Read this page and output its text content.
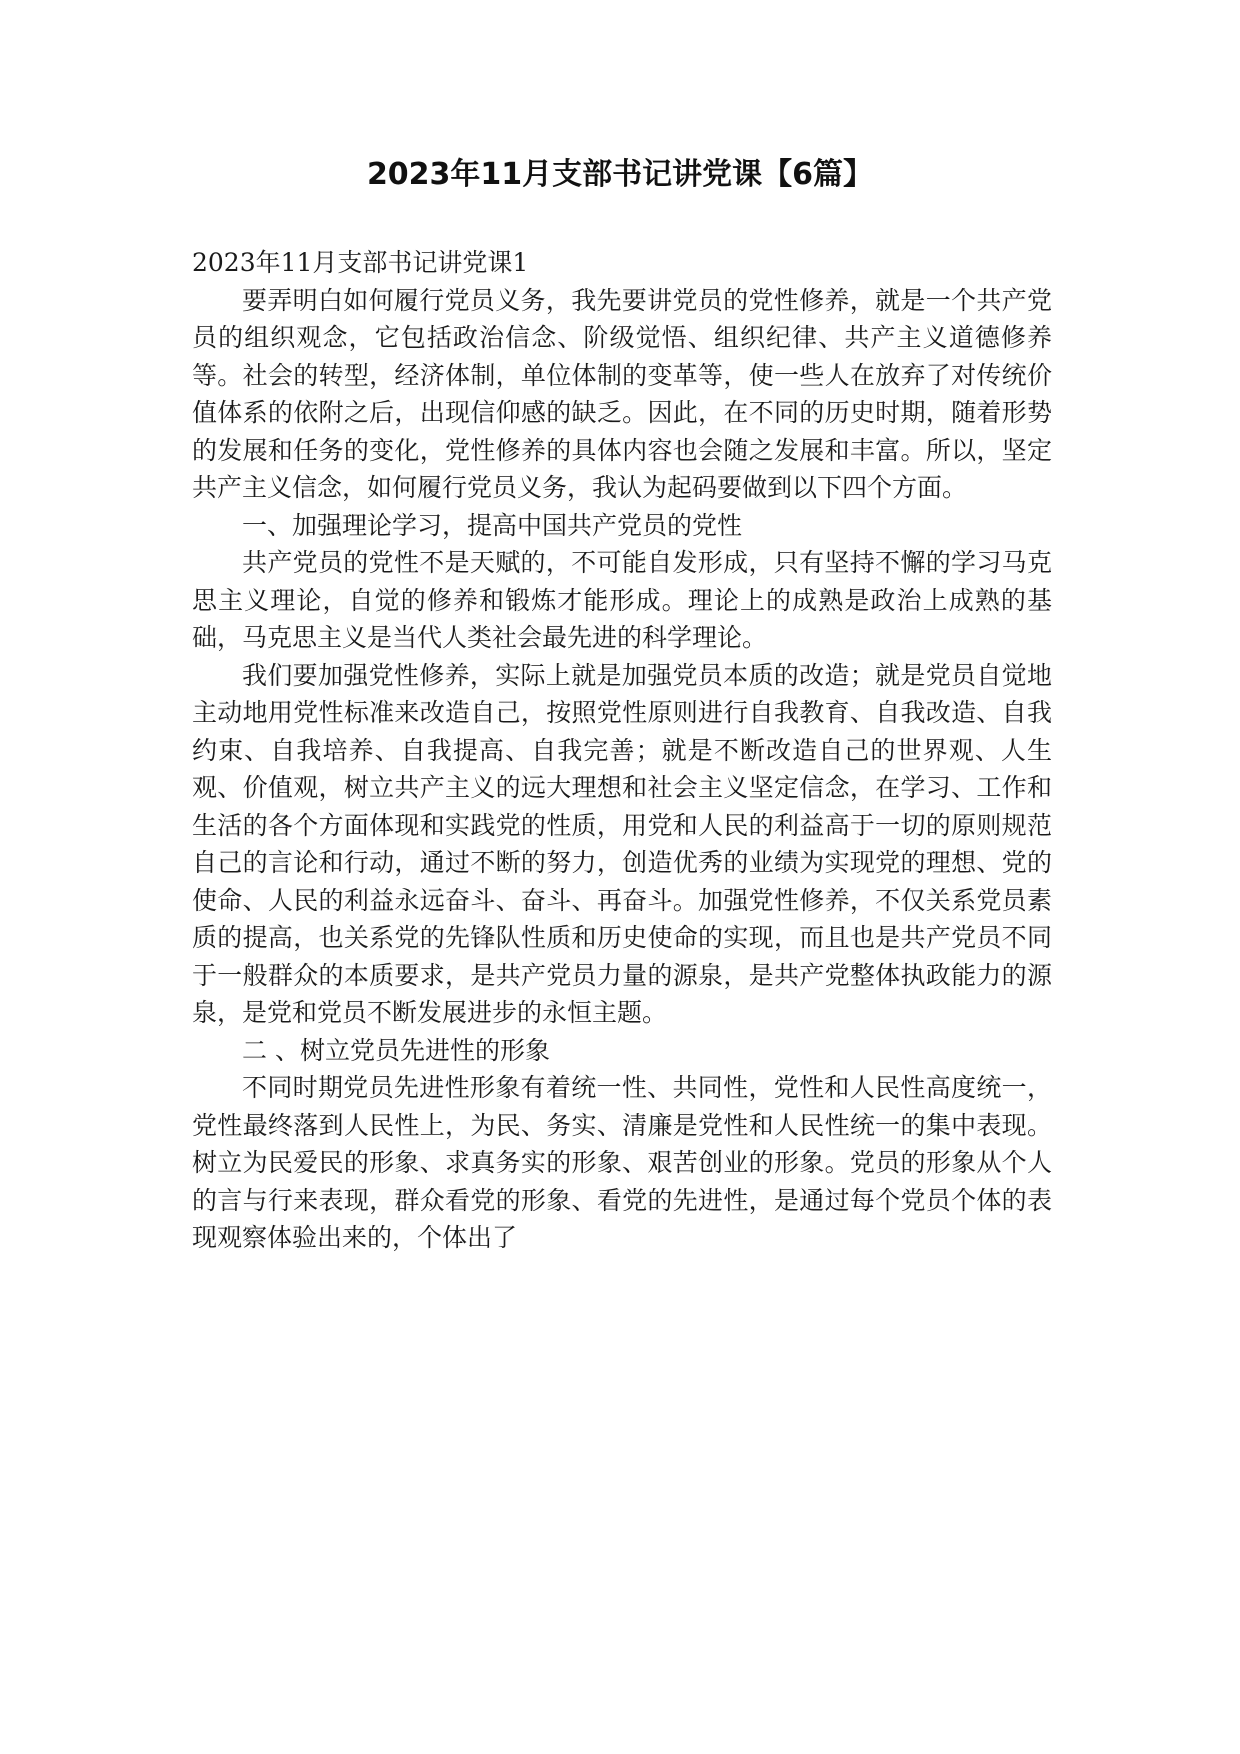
2023年11月支部书记讲党课【6篇】

2023年11月支部书记讲党课1

要弄明白如何履行党员义务，我先要讲党员的党性修养，就是一个共产党员的组织观念，它包括政治信念、阶级觉悟、组织纪律、共产主义道德修养等。社会的转型，经济体制，单位体制的变革等，使一些人在放弃了对传统价值体系的依附之后，出现信仰感的缺乏。因此，在不同的历史时期，随着形势的发展和任务的变化，党性修养的具体内容也会随之发展和丰富。所以，坚定共产主义信念，如何履行党员义务，我认为起码要做到以下四个方面。

一、加强理论学习，提高中国共产党员的党性

共产党员的党性不是天赋的，不可能自发形成，只有坚持不懈的学习马克思主义理论，自觉的修养和锻炼才能形成。理论上的成熟是政治上成熟的基础，马克思主义是当代人类社会最先进的科学理论。

我们要加强党性修养，实际上就是加强党员本质的改造；就是党员自觉地主动地用党性标准来改造自己，按照党性原则进行自我教育、自我改造、自我约束、自我培养、自我提高、自我完善；就是不断改造自己的世界观、人生观、价值观，树立共产主义的远大理想和社会主义坚定信念，在学习、工作和生活的各个方面体现和实践党的性质，用党和人民的利益高于一切的原则规范自己的言论和行动，通过不断的努力，创造优秀的业绩为实现党的理想、党的使命、人民的利益永远奋斗、奋斗、再奋斗。加强党性修养，不仅关系党员素质的提高，也关系党的先锋队性质和历史使命的实现，而且也是共产党员不同于一般群众的本质要求，是共产党员力量的源泉，是共产党整体执政能力的源泉，是党和党员不断发展进步的永恒主题。

二 、树立党员先进性的形象

不同时期党员先进性形象有着统一性、共同性，党性和人民性高度统一，党性最终落到人民性上，为民、务实、清廉是党性和人民性统一的集中表现。树立为民爱民的形象、求真务实的形象、艰苦创业的形象。党员的形象从个人的言与行来表现，群众看党的形象、看党的先进性，是通过每个党员个体的表现观察体验出来的，个体出了
